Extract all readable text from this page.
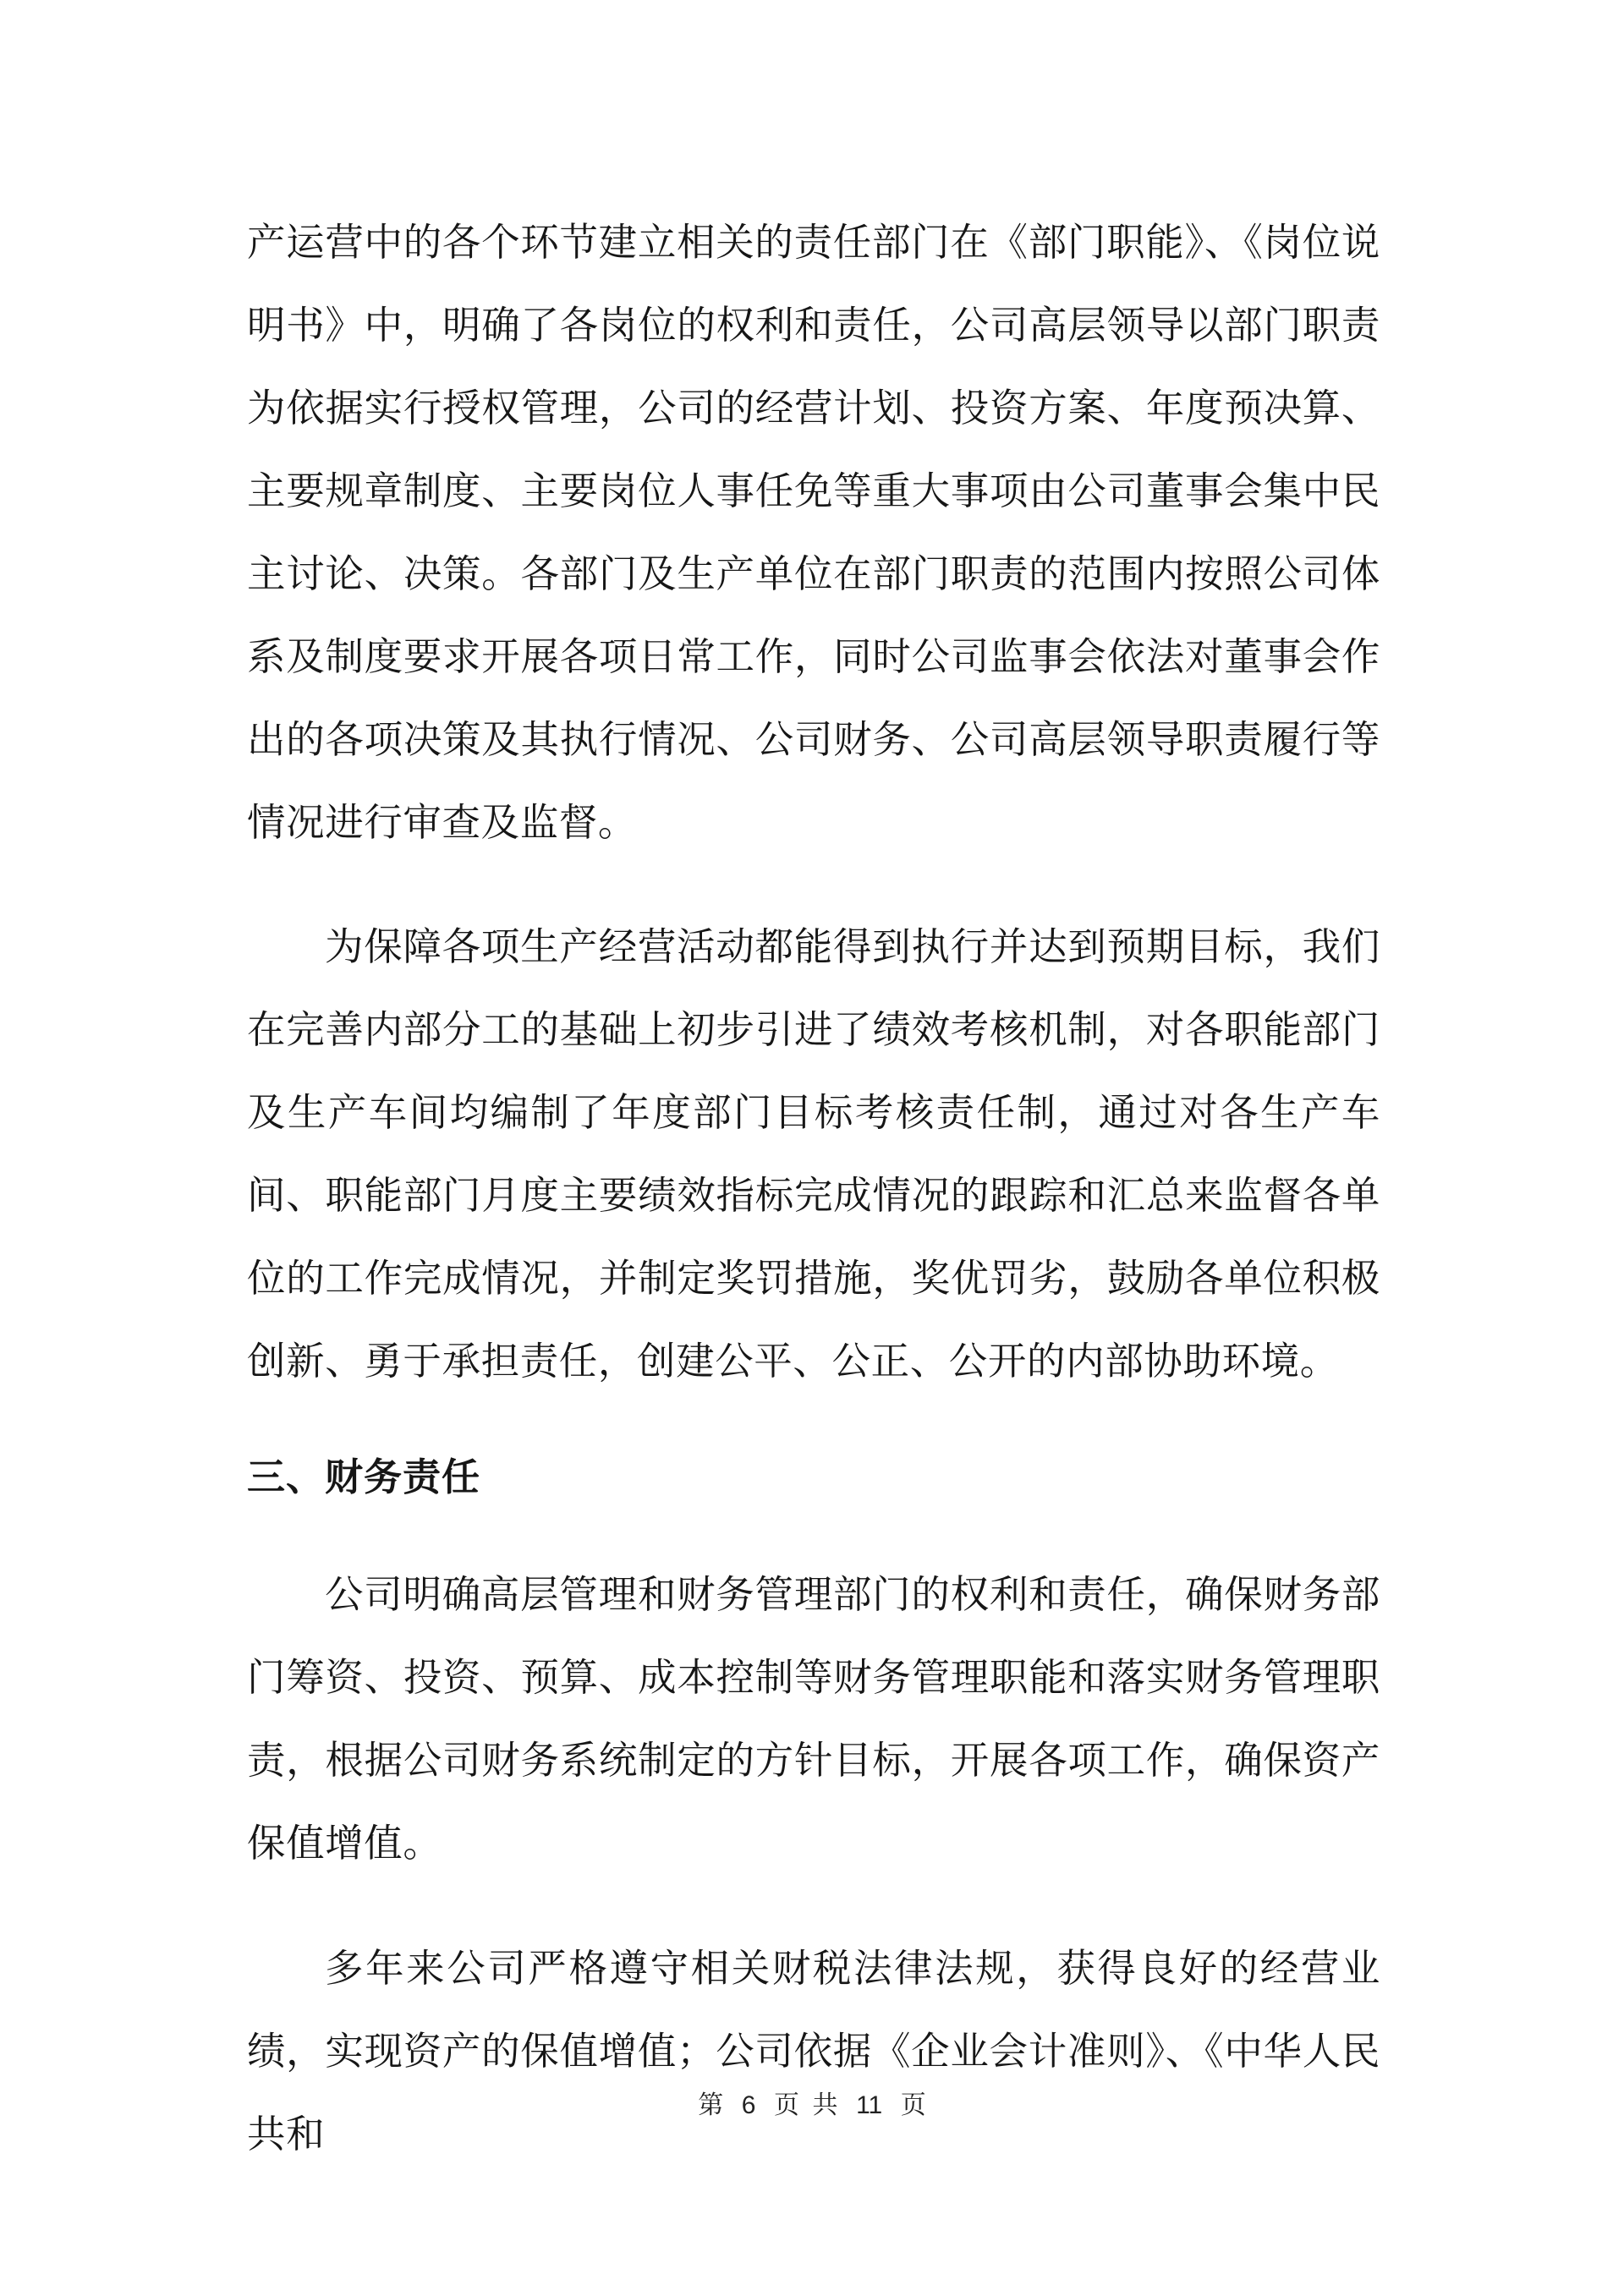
产运营中的各个环节建立相关的责任部门在《部门职能》、《岗位说明书》中，明确了各岗位的权利和责任，公司高层领导以部门职责为依据实行授权管理，公司的经营计划、投资方案、年度预决算、主要规章制度、主要岗位人事任免等重大事项由公司董事会集中民主讨论、决策。各部门及生产单位在部门职责的范围内按照公司体系及制度要求开展各项日常工作，同时公司监事会依法对董事会作出的各项决策及其执行情况、公司财务、公司高层领导职责履行等情况进行审查及监督。

为保障各项生产经营活动都能得到执行并达到预期目标，我们在完善内部分工的基础上初步引进了绩效考核机制，对各职能部门及生产车间均编制了年度部门目标考核责任制，通过对各生产车间、职能部门月度主要绩效指标完成情况的跟踪和汇总来监督各单位的工作完成情况，并制定奖罚措施，奖优罚劣，鼓励各单位积极创新、勇于承担责任，创建公平、公正、公开的内部协助环境。

三、财务责任

公司明确高层管理和财务管理部门的权利和责任，确保财务部门筹资、投资、预算、成本控制等财务管理职能和落实财务管理职责，根据公司财务系统制定的方针目标，开展各项工作，确保资产保值增值。

多年来公司严格遵守相关财税法律法规，获得良好的经营业绩，实现资产的保值增值；公司依据《企业会计准则》、《中华人民共和

第 6 页 共 11 页
